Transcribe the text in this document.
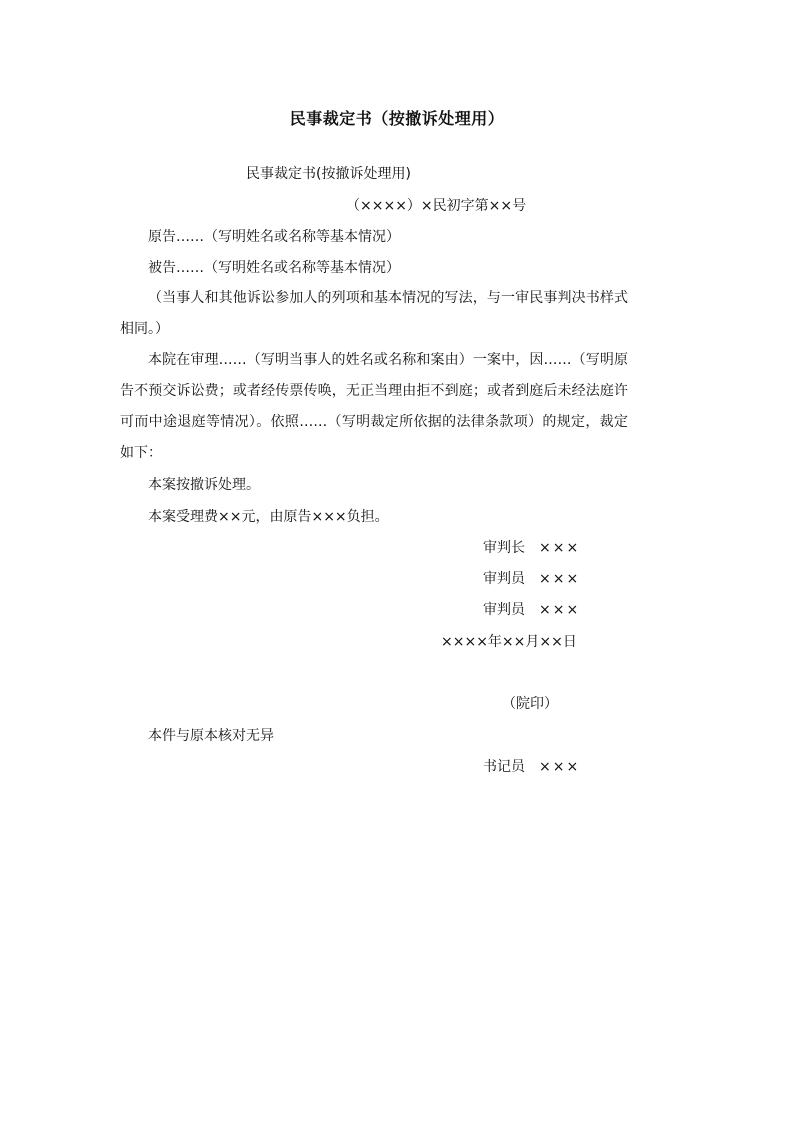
民事裁定书（按撤诉处理用）
民事裁定书(按撤诉处理用)
（××××）×民初字第××号
原告……（写明姓名或名称等基本情况）
被告……（写明姓名或名称等基本情况）
（当事人和其他诉讼参加人的列项和基本情况的写法，与一审民事判决书样式相同。）
本院在审理……（写明当事人的姓名或名称和案由）一案中，因……（写明原告不预交诉讼费；或者经传票传唤，无正当理由拒不到庭；或者到庭后未经法庭许可而中途退庭等情况）。依照……（写明裁定所依据的法律条款项）的规定，裁定如下：
本案按撤诉处理。
本案受理费××元，由原告×××负担。
审判长 ×××
审判员 ×××
审判员 ×××
××××年××月××日
（院印）
本件与原本核对无异
书记员 ×××
